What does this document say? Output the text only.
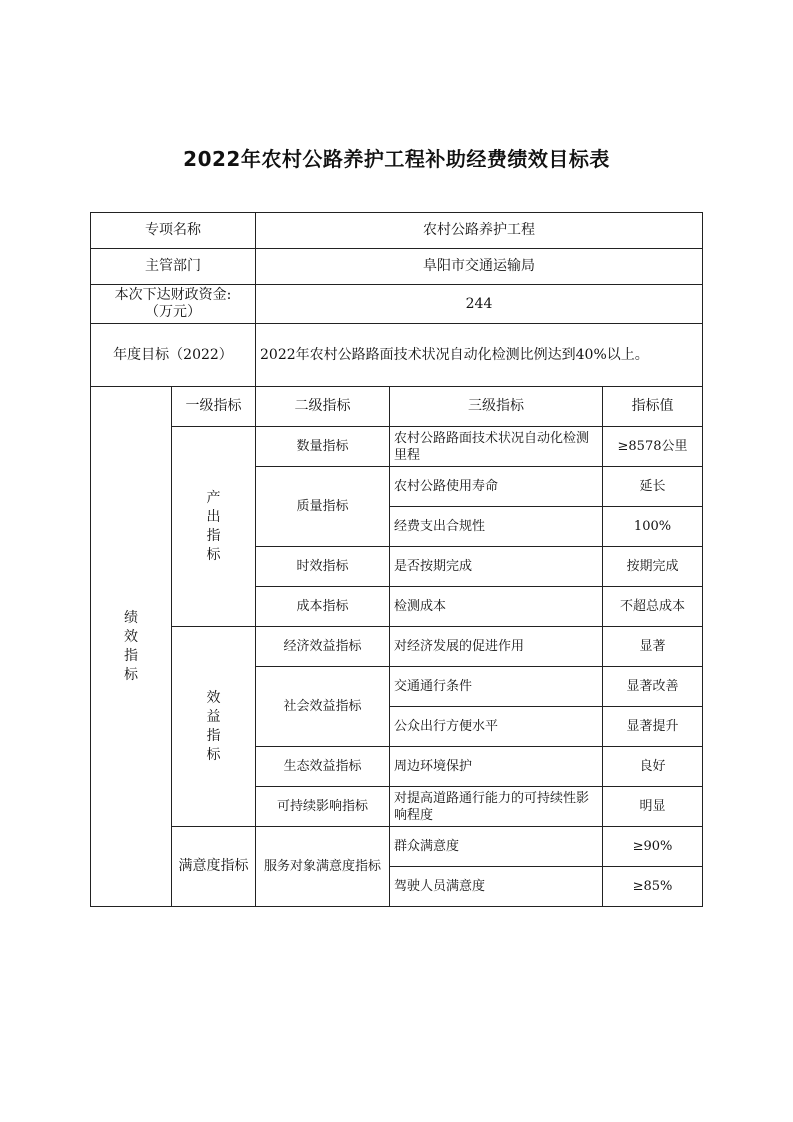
2022年农村公路养护工程补助经费绩效目标表
专项名称		农村公路养护工程		
主管部门		阜阳市交通运输局		

本次下达财政资金:
（万元）		244		
年度目标（2022）		2022年农村公路路面技术状况自动化检测比例达到40%以上。		
绩效指标	一级指标	二级指标	三级指标	指标值
	产出指标	数量指标	农村公路路面技术状况自动化检测里程	≥8578公里
		质量指标	农村公路使用寿命	延长
			经费支出合规性	100%
		时效指标	是否按期完成	按期完成
		成本指标	检测成本	不超总成本
	效益指标	经济效益指标	对经济发展的促进作用	显著
		社会效益指标	交通通行条件	显著改善
			公众出行方便水平	显著提升
		生态效益指标	周边环境保护	良好
		可持续影响指标	对提高道路通行能力的可持续性影响程度	明显
	满意度指标	服务对象满意度指标	群众满意度	≥90%
			驾驶人员满意度	≥85%
